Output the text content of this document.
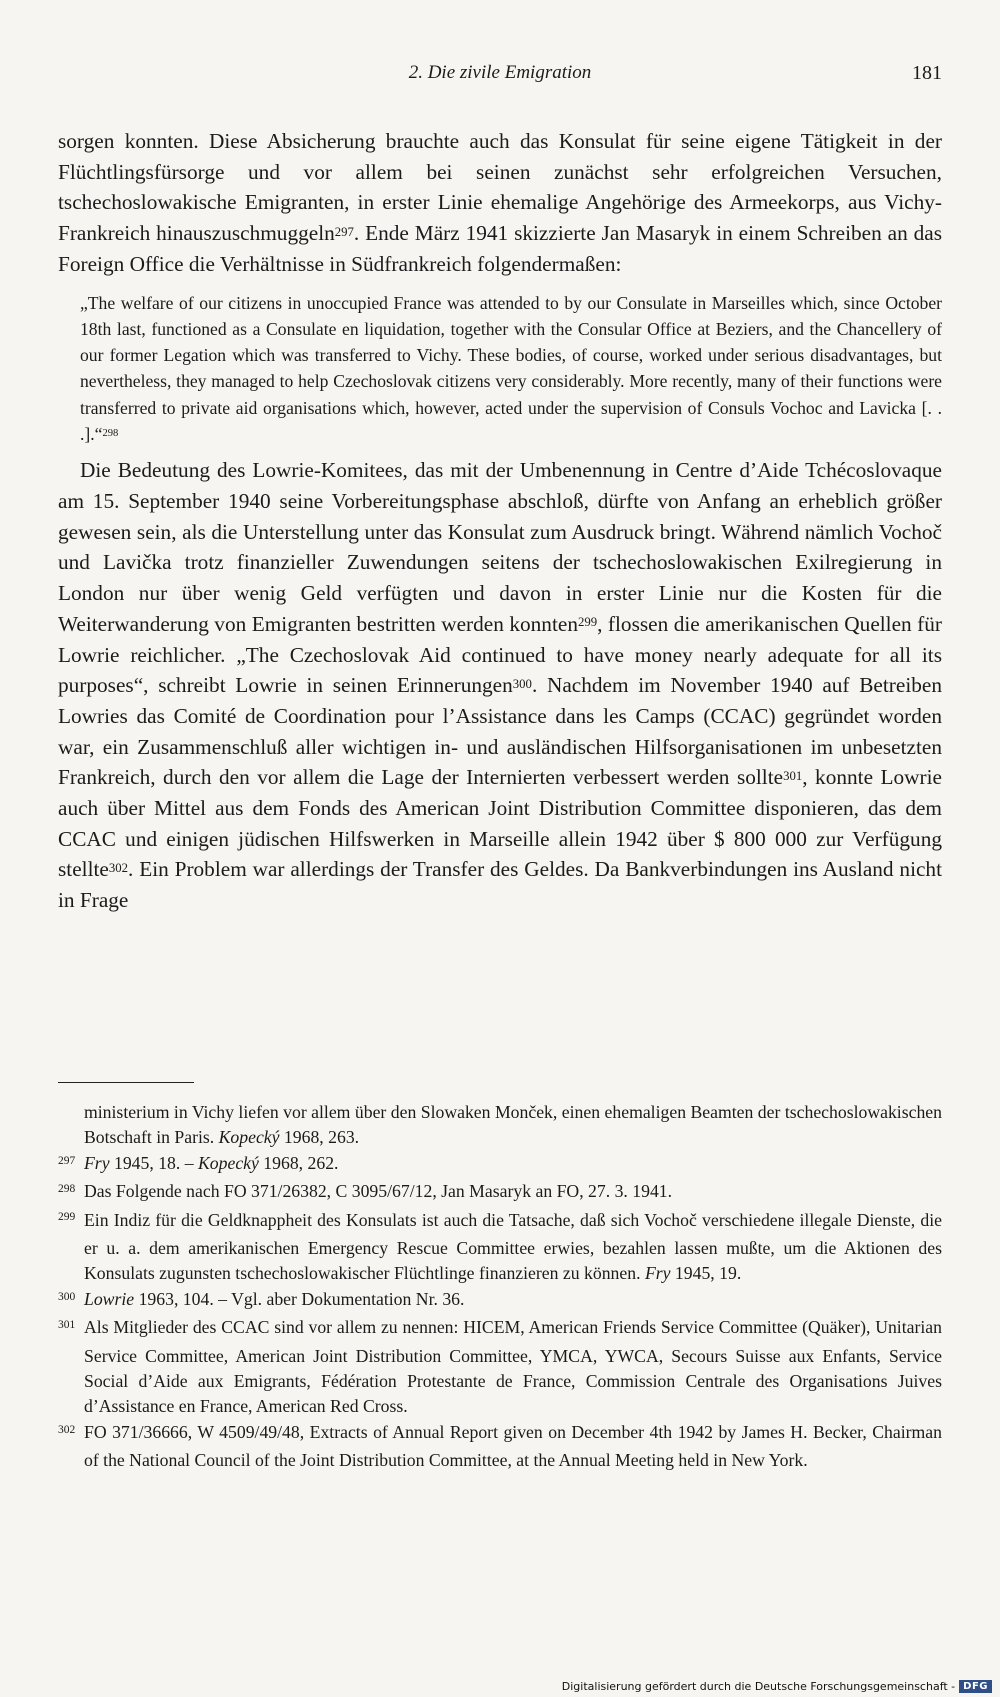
2. Die zivile Emigration	181

sorgen konnten. Diese Absicherung brauchte auch das Konsulat für seine eigene Tätigkeit in der Flüchtlingsfürsorge und vor allem bei seinen zunächst sehr erfolgreichen Versuchen, tschechoslowakische Emigranten, in erster Linie ehemalige Angehörige des Armeekorps, aus Vichy-Frankreich hinauszuschmuggeln$^{297}$. Ende März 1941 skizzierte Jan Masaryk in einem Schreiben an das Foreign Office die Verhältnisse in Südfrankreich folgendermaßen:

„The welfare of our citizens in unoccupied France was attended to by our Consulate in Marseilles which, since October 18th last, functioned as a Consulate en liquidation, together with the Consular Office at Beziers, and the Chancellery of our former Legation which was transferred to Vichy. These bodies, of course, worked under serious disadvantages, but nevertheless, they managed to help Czechoslovak citizens very considerably. More recently, many of their functions were transferred to private aid organisations which, however, acted under the supervision of Consuls Vochoc and Lavicka [. . .].“$^{298}$

Die Bedeutung des Lowrie-Komitees, das mit der Umbenennung in Centre d’Aide Tchécoslovaque am 15. September 1940 seine Vorbereitungsphase abschloß, dürfte von Anfang an erheblich größer gewesen sein, als die Unterstellung unter das Konsulat zum Ausdruck bringt. Während nämlich Vochoč und Lavička trotz finanzieller Zuwendungen seitens der tschechoslowakischen Exilregierung in London nur über wenig Geld verfügten und davon in erster Linie nur die Kosten für die Weiterwanderung von Emigranten bestritten werden konnten$^{299}$, flossen die amerikanischen Quellen für Lowrie reichlicher. „The Czechoslovak Aid continued to have money nearly adequate for all its purposes“, schreibt Lowrie in seinen Erinnerungen$^{300}$. Nachdem im November 1940 auf Betreiben Lowries das Comité de Coordination pour l’Assistance dans les Camps (CCAC) gegründet worden war, ein Zusammenschluß aller wichtigen in- und ausländischen Hilfsorganisationen im unbesetzten Frankreich, durch den vor allem die Lage der Internierten verbessert werden sollte$^{301}$, konnte Lowrie auch über Mittel aus dem Fonds des American Joint Distribution Committee disponieren, das dem CCAC und einigen jüdischen Hilfswerken in Marseille allein 1942 über $ 800 000 zur Verfügung stellte$^{302}$. Ein Problem war allerdings der Transfer des Geldes. Da Bankverbindungen ins Ausland nicht in Frage

ministerium in Vichy liefen vor allem über den Slowaken Monček, einen ehemaligen Beamten der tschechoslowakischen Botschaft in Paris. Kopecký 1968, 263.

297 Fry 1945, 18. – Kopecký 1968, 262.

298 Das Folgende nach FO 371/26382, C 3095/67/12, Jan Masaryk an FO, 27. 3. 1941.

299 Ein Indiz für die Geldknappheit des Konsulats ist auch die Tatsache, daß sich Vochoč verschiedene illegale Dienste, die er u. a. dem amerikanischen Emergency Rescue Committee erwies, bezahlen lassen mußte, um die Aktionen des Konsulats zugunsten tschechoslowakischer Flüchtlinge finanzieren zu können. Fry 1945, 19.

300 Lowrie 1963, 104. – Vgl. aber Dokumentation Nr. 36.

301 Als Mitglieder des CCAC sind vor allem zu nennen: HICEM, American Friends Service Committee (Quäker), Unitarian Service Committee, American Joint Distribution Committee, YMCA, YWCA, Secours Suisse aux Enfants, Service Social d’Aide aux Emigrants, Fédération Protestante de France, Commission Centrale des Organisations Juives d’Assistance en France, American Red Cross.

302 FO 371/36666, W 4509/49/48, Extracts of Annual Report given on December 4th 1942 by James H. Becker, Chairman of the National Council of the Joint Distribution Committee, at the Annual Meeting held in New York.

Digitalisierung gefördert durch die Deutsche Forschungsgemeinschaft - DFG
